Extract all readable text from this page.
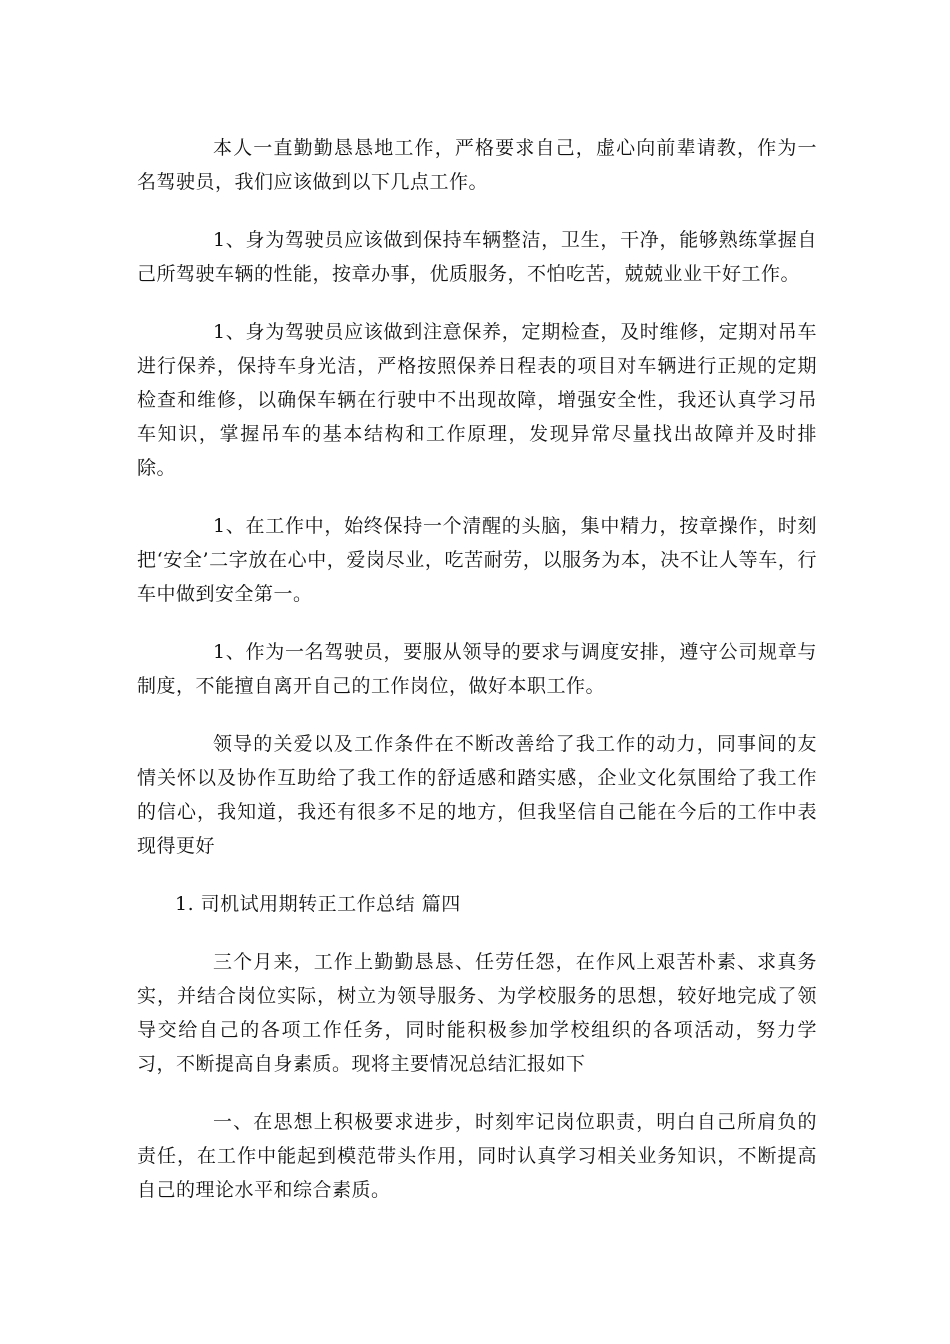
本人一直勤勤恳恳地工作，严格要求自己，虚心向前辈请教，作为一名驾驶员，我们应该做到以下几点工作。

1、身为驾驶员应该做到保持车辆整洁，卫生，干净，能够熟练掌握自己所驾驶车辆的性能，按章办事，优质服务，不怕吃苦，兢兢业业干好工作。

1、身为驾驶员应该做到注意保养，定期检查，及时维修，定期对吊车进行保养，保持车身光洁，严格按照保养日程表的项目对车辆进行正规的定期检查和维修，以确保车辆在行驶中不出现故障，增强安全性，我还认真学习吊车知识，掌握吊车的基本结构和工作原理，发现异常尽量找出故障并及时排除。

1、在工作中，始终保持一个清醒的头脑，集中精力，按章操作，时刻把‘安全’二字放在心中，爱岗尽业，吃苦耐劳，以服务为本，决不让人等车，行车中做到安全第一。

1、作为一名驾驶员，要服从领导的要求与调度安排，遵守公司规章与制度，不能擅自离开自己的工作岗位，做好本职工作。

领导的关爱以及工作条件在不断改善给了我工作的动力，同事间的友情关怀以及协作互助给了我工作的舒适感和踏实感，企业文化氛围给了我工作的信心，我知道，我还有很多不足的地方，但我坚信自己能在今后的工作中表现得更好

1. 司机试用期转正工作总结 篇四

三个月来，工作上勤勤恳恳、任劳任怨，在作风上艰苦朴素、求真务实，并结合岗位实际，树立为领导服务、为学校服务的思想，较好地完成了领导交给自己的各项工作任务，同时能积极参加学校组织的各项活动，努力学习，不断提高自身素质。现将主要情况总结汇报如下

一、在思想上积极要求进步，时刻牢记岗位职责，明白自己所肩负的责任，在工作中能起到模范带头作用，同时认真学习相关业务知识，不断提高自己的理论水平和综合素质。
